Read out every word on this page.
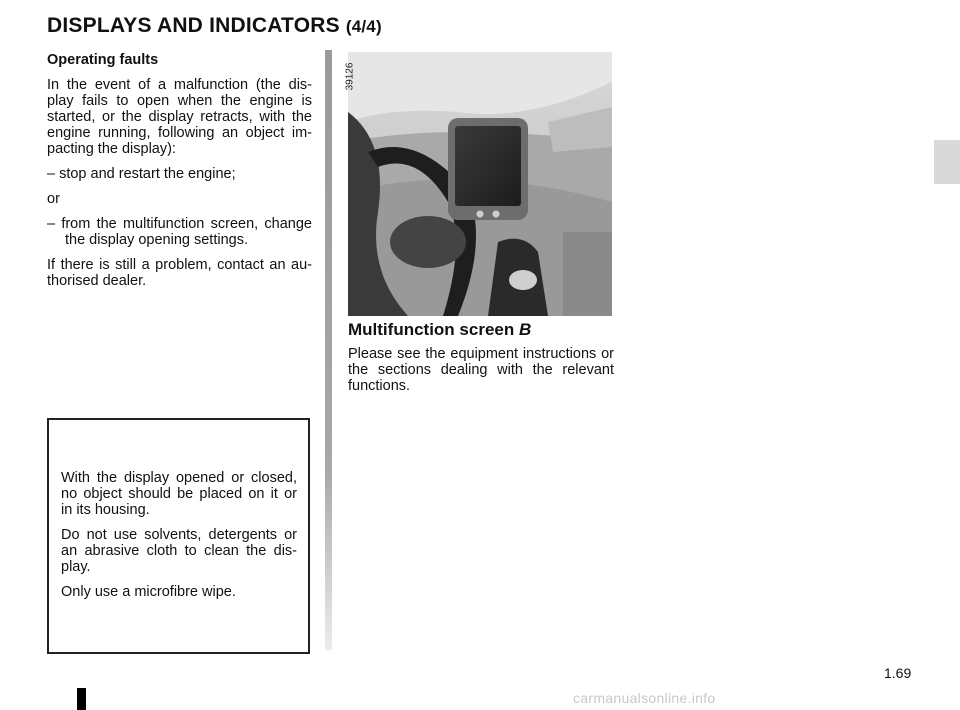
DISPLAYS AND INDICATORS (4/4)

Operating faults

In the event of a malfunction (the dis-play fails to open when the engine is started, or the display retracts, with the engine running, following an object im-pacting the display):

– stop and restart the engine;

or

– from the multifunction screen, change the display opening settings.

If there is still a problem, contact an au-thorised dealer.

39126
Multifunction screen B

Please see the equipment instructions or the sections dealing with the relevant functions.

With the display opened or closed, no object should be placed on it or in its housing.

Do not use solvents, detergents or an abrasive cloth to clean the dis-play.

Only use a microfibre wipe.

1.69
carmanualsonline.info
